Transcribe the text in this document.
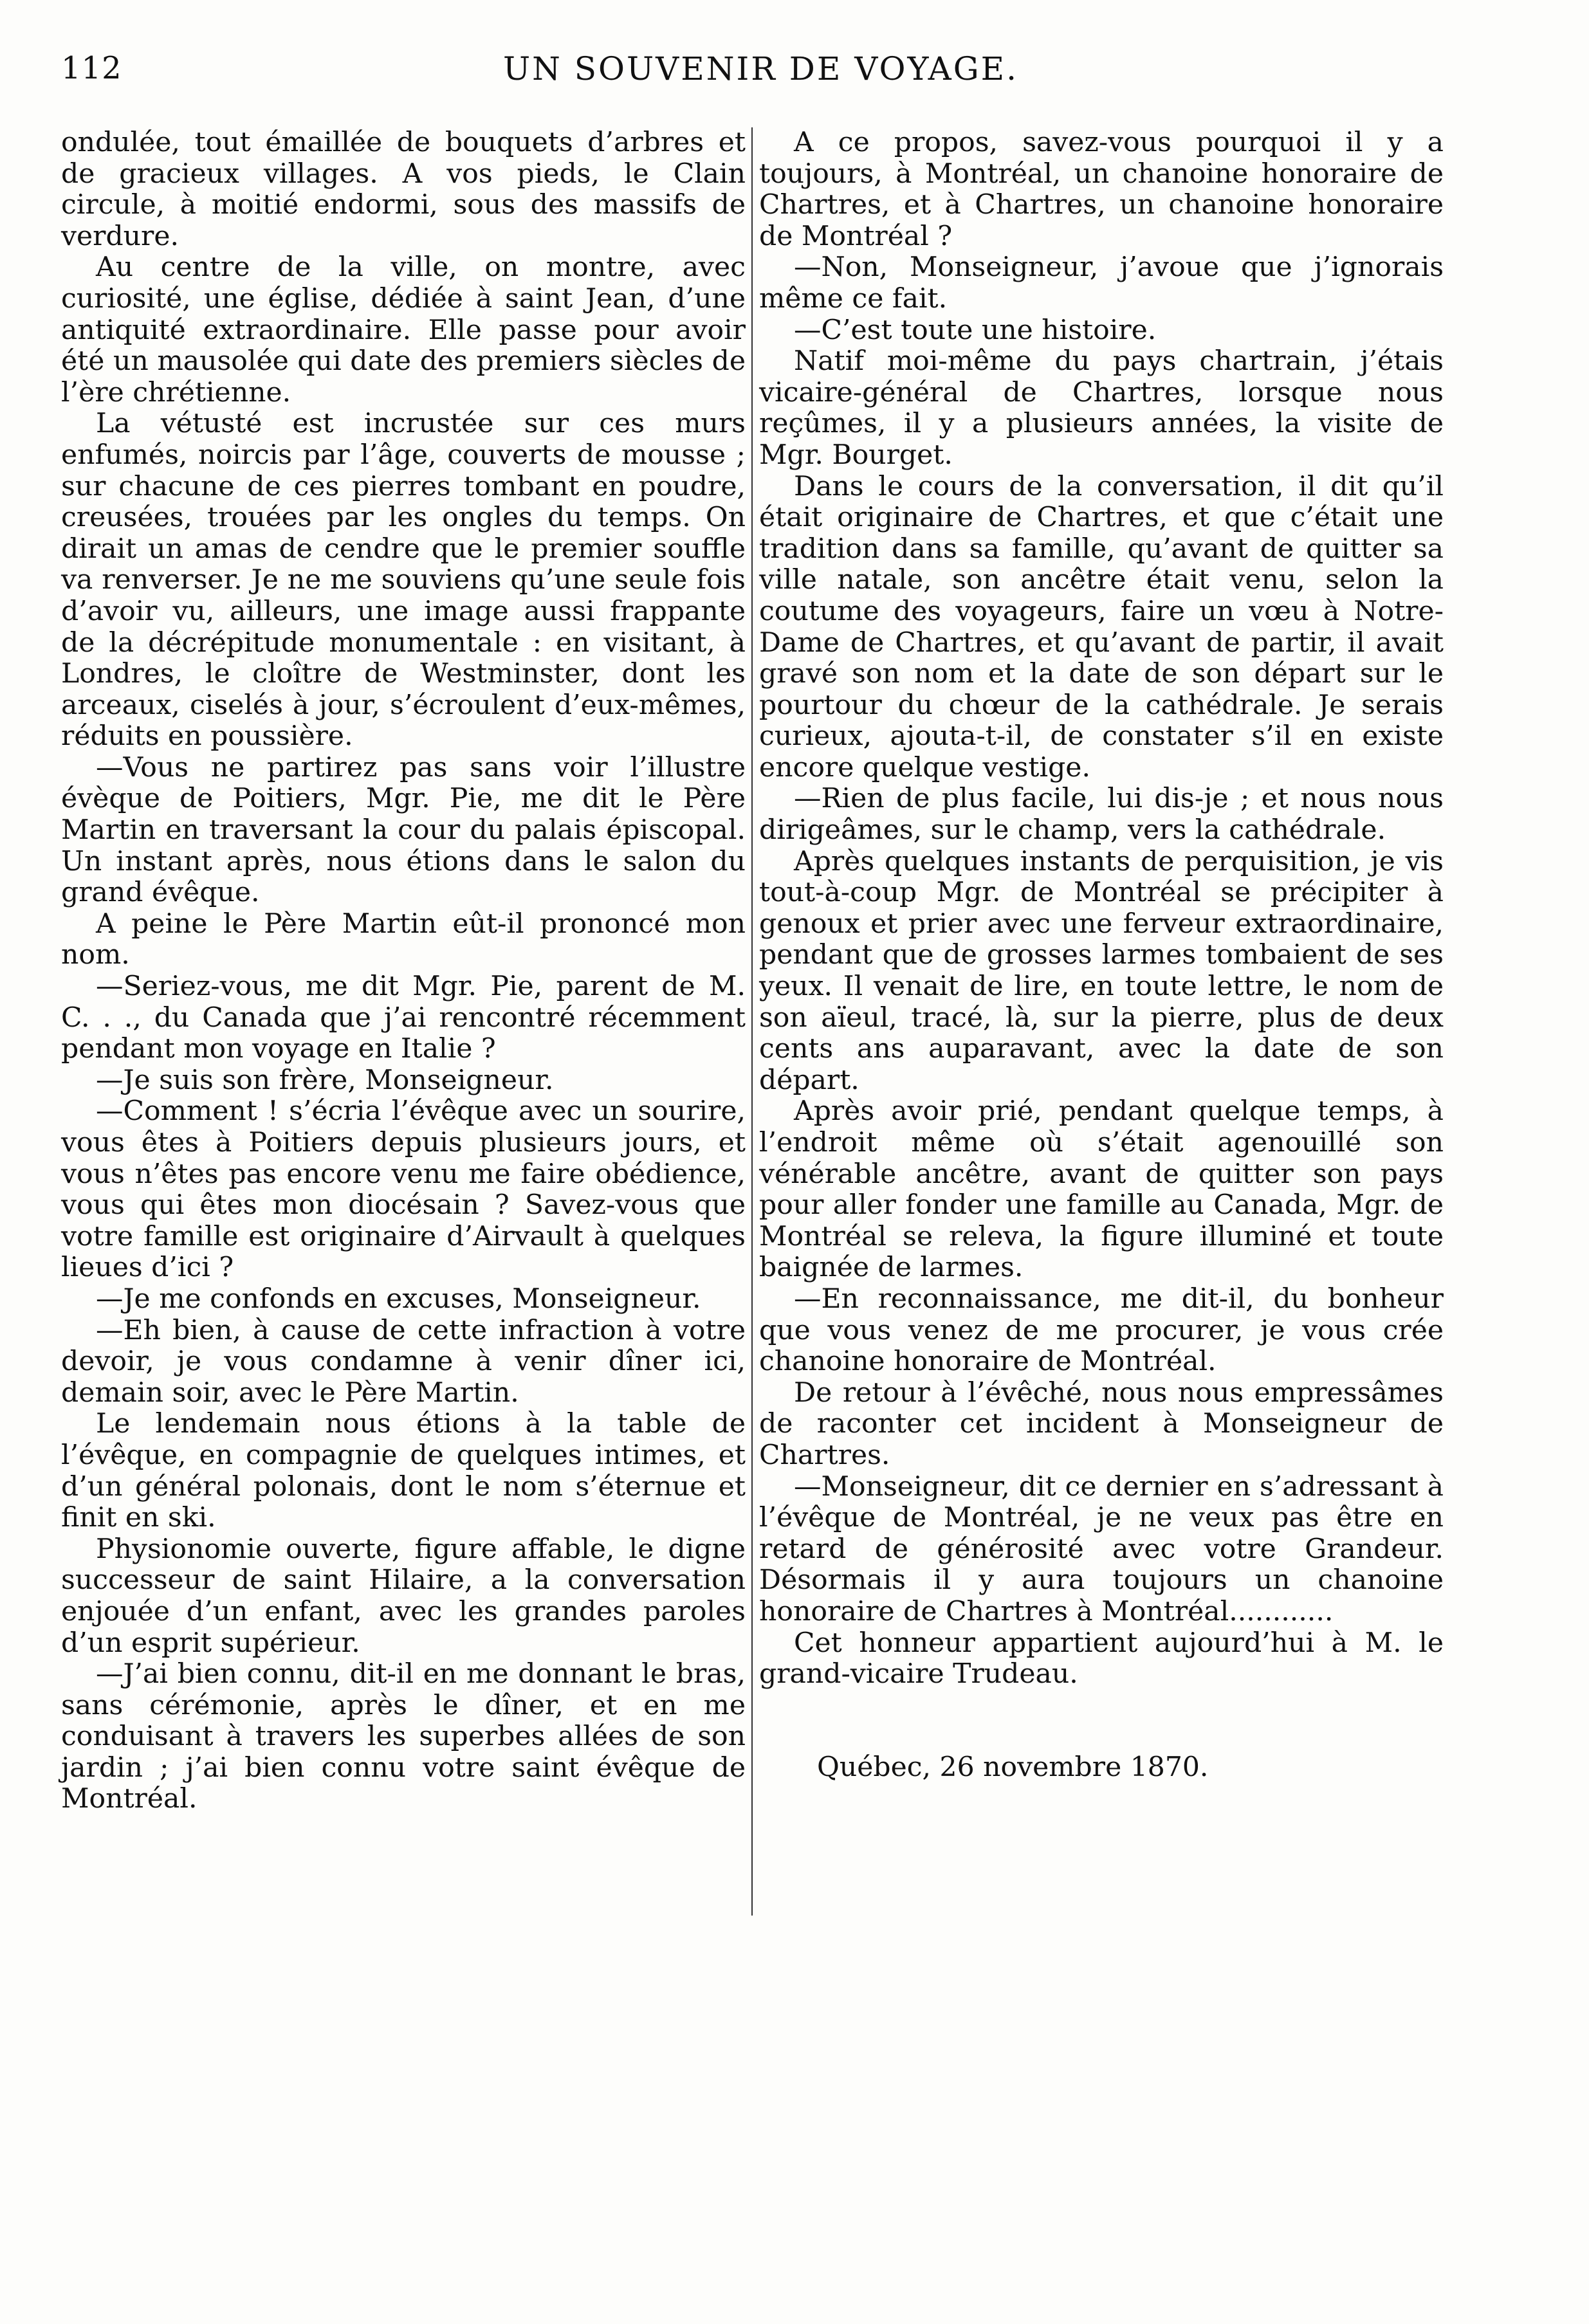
112	UN SOUVENIR DE VOYAGE.

ondulée, tout émaillée de bouquets d’arbres et de gracieux villages. A vos pieds, le Clain circule, à moitié endormi, sous des massifs de verdure.

Au centre de la ville, on montre, avec curiosité, une église, dédiée à saint Jean, d’une antiquité extraordinaire. Elle passe pour avoir été un mausolée qui date des premiers siècles de l’ère chrétienne.

La vétusté est incrustée sur ces murs enfumés, noircis par l’âge, couverts de mousse ; sur chacune de ces pierres tombant en poudre, creusées, trouées par les ongles du temps. On dirait un amas de cendre que le premier souffle va renverser. Je ne me souviens qu’une seule fois d’avoir vu, ailleurs, une image aussi frappante de la décrépitude monumentale : en visitant, à Londres, le cloître de Westminster, dont les arceaux, ciselés à jour, s’écroulent d’eux-mêmes, réduits en poussière.

—Vous ne partirez pas sans voir l’illustre évèque de Poitiers, Mgr. Pie, me dit le Père Martin en traversant la cour du palais épiscopal. Un instant après, nous étions dans le salon du grand évêque.

A peine le Père Martin eût-il prononcé mon nom.

—Seriez-vous, me dit Mgr. Pie, parent de M. C. . ., du Canada que j’ai rencontré récemment pendant mon voyage en Italie ?

—Je suis son frère, Monseigneur.

—Comment ! s’écria l’évêque avec un sourire, vous êtes à Poitiers depuis plusieurs jours, et vous n’êtes pas encore venu me faire obédience, vous qui êtes mon diocésain ? Savez-vous que votre famille est originaire d’Airvault à quelques lieues d’ici ?

—Je me confonds en excuses, Monseigneur.

—Eh bien, à cause de cette infraction à votre devoir, je vous condamne à venir dîner ici, demain soir, avec le Père Martin.

Le lendemain nous étions à la table de l’évêque, en compagnie de quelques intimes, et d’un général polonais, dont le nom s’éternue et finit en ski.

Physionomie ouverte, figure affable, le digne successeur de saint Hilaire, a la conversation enjouée d’un enfant, avec les grandes paroles d’un esprit supérieur.

—J’ai bien connu, dit-il en me donnant le bras, sans cérémonie, après le dîner, et en me conduisant à travers les superbes allées de son jardin ; j’ai bien connu votre saint évêque de Montréal.

A ce propos, savez-vous pourquoi il y a toujours, à Montréal, un chanoine honoraire de Chartres, et à Chartres, un chanoine honoraire de Montréal ?

—Non, Monseigneur, j’avoue que j’ignorais même ce fait.

—C’est toute une histoire.

Natif moi-même du pays chartrain, j’étais vicaire-général de Chartres, lorsque nous reçûmes, il y a plusieurs années, la visite de Mgr. Bourget.

Dans le cours de la conversation, il dit qu’il était originaire de Chartres, et que c’était une tradition dans sa famille, qu’avant de quitter sa ville natale, son ancêtre était venu, selon la coutume des voyageurs, faire un vœu à Notre-Dame de Chartres, et qu’avant de partir, il avait gravé son nom et la date de son départ sur le pourtour du chœur de la cathédrale. Je serais curieux, ajouta-t-il, de constater s’il en existe encore quelque vestige.

—Rien de plus facile, lui dis-je ; et nous nous dirigeâmes, sur le champ, vers la cathédrale.

Après quelques instants de perquisition, je vis tout-à-coup Mgr. de Montréal se précipiter à genoux et prier avec une ferveur extraordinaire, pendant que de grosses larmes tombaient de ses yeux. Il venait de lire, en toute lettre, le nom de son aïeul, tracé, là, sur la pierre, plus de deux cents ans auparavant, avec la date de son départ.

Après avoir prié, pendant quelque temps, à l’endroit même où s’était agenouillé son vénérable ancêtre, avant de quitter son pays pour aller fonder une famille au Canada, Mgr. de Montréal se releva, la figure illuminé et toute baignée de larmes.

—En reconnaissance, me dit-il, du bonheur que vous venez de me procurer, je vous crée chanoine honoraire de Montréal.

De retour à l’évêché, nous nous empressâmes de raconter cet incident à Monseigneur de Chartres.

—Monseigneur, dit ce dernier en s’adressant à l’évêque de Montréal, je ne veux pas être en retard de générosité avec votre Grandeur. Désormais il y aura toujours un chanoine honoraire de Chartres à Montréal............

Cet honneur appartient aujourd’hui à M. le grand-vicaire Trudeau.

Québec, 26 novembre 1870.
